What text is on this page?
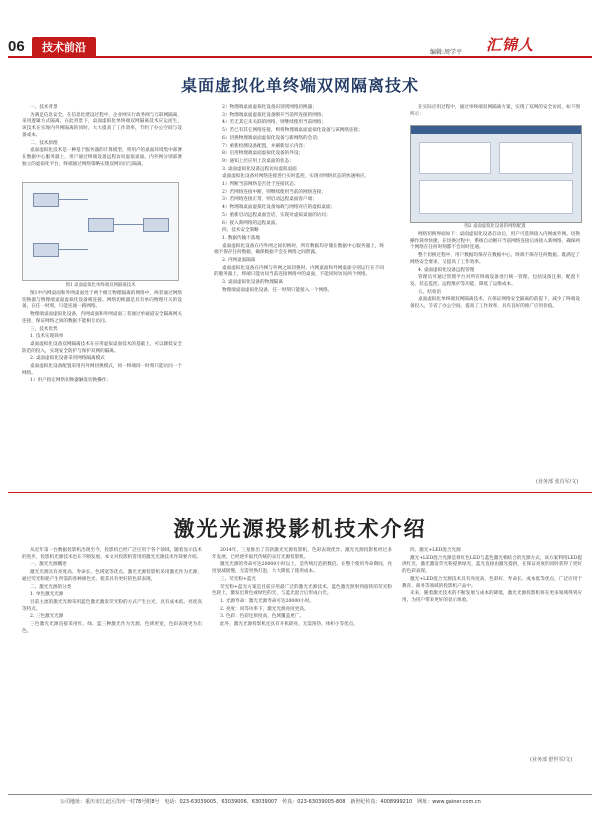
06	技术前沿	编辑:周学平 汇锦人
桌面虚拟化单终端双网隔离技术

一、技术背景

为满足信息安全，在信息化建设过程中，企业网实行政务网与互联网隔离，采用逻辑方式隔离。在此背景下，桌面虚拟化单终端双网隔离技术应运而生，该技术在实现内外网隔离的同时，大大提高了工作效率，节约了办公空间与设备成本。

二、技术原理

桌面虚拟化技术是一种基于服务器的计算模型，将用户的桌面环境集中部署在数据中心服务器上，用户通过终端设备远程访问虚拟桌面。内外网分别部署独立的虚拟化平台，终端通过网络策略实现双网访问与隔离。

图1 桌面虚拟化单终端双网隔离技术

图1中内网桌面和外网桌面处于两个相互物理隔离的网络中，两者通过网络切换器与物理端桌面虚拟化设备相连接。网络切换器是具有单向物理开关的设备，在任一时刻，只能连通一路网络。

物理端桌面虚拟化设备，内网桌面和外网桌面三者通过单通道安全隔离网关连接，保证网络之间的数据不能相互访问。

三、技术优势

1. 技术实现简单

桌面虚拟化设备双网隔离技术在应用虚拟桌面技术的基础上，可以降低安全防范的投入，实现安全防护与保护双网的隔离。

2. 桌面虚拟化设备采用网络隔离模式

桌面虚拟化设备配置采用内外网切换模式，同一终端同一时刻只能访问一个网络。

1）用户指定网络切换器触发切换操作；

2）物理端桌面虚拟化设备识别到网络切换器；

3）物理端桌面虚拟化设备断开当前所连接的网络；

4）若无其它未关联的网络，则继续使用当前网络；

5）若已有其它网络连接，则将物理端桌面虚拟化设备与该网络连接；

6）切换物理端桌面虚拟化设备与新网络的会话；

7）重新检测设备配置，并刷新显示内容；

8）启用物理端桌面虚拟化设备的外设；

9）通知上层应用上次桌面的状态；

3. 桌面虚拟化设备远程访问虚拟桌面

桌面虚拟化设备对网络连接进行实时监控，实现对网络状态的快速响应。

1）判断当前网络是否处于连接状态；

2）若网络连接中断，则继续使用当前的网络连接；

3）若网络连接正常，则启动远程桌面客户端；

4）物理端桌面虚拟化设备加载与网络对应的虚拟桌面；

5）重新启动远程桌面会话，实现对虚拟桌面的访问；

6）接入新网络的远程桌面。

四、技术安全策略

1. 数据传输不落地

桌面虚拟化设备在内外网之间切换时，所有数据均存储在数据中心服务器上，终端不保存任何数据，确保数据不会在网络之间泄露。

2. 内网桌面隔离

桌面虚拟化设备在内网与外网之间切换时，内网桌面和外网桌面分别运行在不同的服务器上，终端只能访问当前连接网络中的桌面，不能同时访问两个网络。

3. 桌面虚拟化设备的物理隔离

物理端桌面虚拟化设备，任一时刻只能接入一个网络。

在实际应用过程中，通过单终端双网隔离方案，实现了双网的安全访问，如下图所示：

图2 桌面虚拟化设备的网络配置

网络切换界面如下：桌面虚拟化设备启动后，用户可选择接入内网或外网。切换操作简单快捷，在切换过程中，系统自动断开当前网络连接后再接入新网络，确保两个网络在任何时刻都不会同时连通。

整个切换过程中，用户数据均保存在数据中心，终端不保存任何数据。既满足了网络安全要求，又提高了工作效率。

4. 桌面虚拟化设备远程管理

管理员可通过管理平台对所有终端设备进行统一管理，包括设备注册、配置下发、状态监控、远程维护等功能，降低了运维成本。

五、结束语

桌面虚拟化单终端双网隔离技术，在保证网络安全隔离的前提下，减少了终端设备投入，节省了办公空间，提高了工作效率，具有良好的推广应用价值。

(业务部 张肖军/文)
激光光源投影机技术介绍

从近年第一台数据投影机出现至今，投影机已经广泛应用于各个领域。随着显示技术的进步，投影机光源技术也在不断发展。本文对投影机常用的激光光源技术作简要介绍。

一、激光光源概述

激光光源具有亮度高、寿命长、色域宽等优点。激光光源投影机采用激光作为光源，通过荧光粉轮产生所需的各种颜色光，使其具有更好的色彩表现。

二、激光光源的分类

1. 单色激光光源

目前主流的激光光源采用蓝色激光激发荧光粉的方式产生白光，具有成本低、亮度高等特点。

2. 三色激光光源

三色激光光源直接采用红、绿、蓝三种激光作为光源，色域更宽，色彩表现更为出色。

2014年，三星推出了首款激光光源投影机，色彩表现优异。激光光源投影机经过多年发展，已经逐步取代传统的汞灯光源投影机。

激光光源的寿命可达20000小时以上，是传统灯泡的数倍。在整个使用寿命期间，亮度衰减缓慢，无需更换灯泡，大大降低了使用成本。

三、荧光粉+蓝光

荧光粉+蓝光方案是目前应用最广泛的激光光源技术。蓝色激光照射到旋转的荧光粉色轮上，激发出黄色或绿色的光，与蓝光混合后形成白光。

1. 光源寿命：激光光源寿命可达20000小时。

2. 亮度：同等功率下，激光光源亮度更高。

3. 色彩：色彩还原度高，色域覆盖更广。

此外，激光光源投影机还具有开机即亮、无需预热、体积小等优点。

四、激光+LED混合光源

激光+LED混合光源是将红色LED与蓝色激光相结合的光源方式。该方案利用LED提供红光，激光激发荧光粉提供绿光，蓝光直接由激光提供，在保证亮度的同时获得了更好的色彩表现。

激光+LED混合光源技术具有亮度高、色彩好、寿命长、成本低等优点，广泛应用于教育、商务等领域的投影机产品中。

未来，随着激光技术的不断发展与成本的降低，激光光源投影机将在更多领域得到应用，为用户带来更好的显示体验。

(业务部 舒世军/文)
公司地址：重庆市江北区洋河一村78号附8号　电话：023-63039005、63039006、63039007　传真：023-63039005-808　新世纪传真：4008999210　网址：www.gainer.com.cn
